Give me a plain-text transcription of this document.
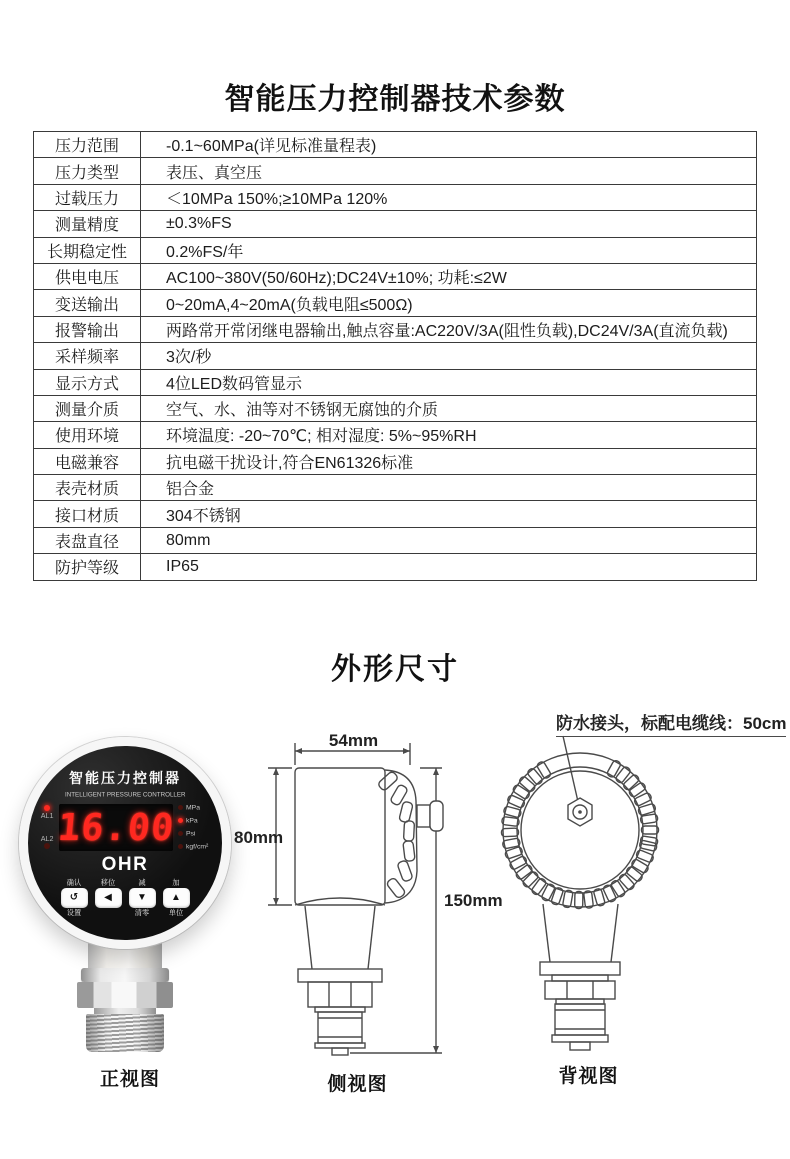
智能压力控制器技术参数
压力范围	-0.1~60MPa(详见标准量程表)
压力类型	表压、真空压
过载压力	＜10MPa 150%;≥10MPa 120%
测量精度	±0.3%FS
长期稳定性	0.2%FS/年
供电电压	AC100~380V(50/60Hz);DC24V±10%; 功耗:≤2W
变送输出	0~20mA,4~20mA(负载电阻≤500Ω)
报警输出	两路常开常闭继电器输出,触点容量:AC220V/3A(阻性负载),DC24V/3A(直流负载)
采样频率	3次/秒
显示方式	4位LED数码管显示
测量介质	空气、水、油等对不锈钢无腐蚀的介质
使用环境	环境温度: -20~70℃; 相对湿度: 5%~95%RH
电磁兼容	抗电磁干扰设计,符合EN61326标准
表壳材质	铝合金
接口材质	304不锈钢
表盘直径	80mm
防护等级	IP65
外形尺寸
智能压力控制器
INTELLIGENT PRESSURE CONTROLLER
AL1
AL2 16.00 MPa
kPa
Psi
kgf/cm²
OHR
确认
↺
设置
移位
◀
减
▼
清零
加
▲
单位
54mm
80mm
150mm
防水接头，标配电缆线：50cm
正视图	侧视图	背视图
